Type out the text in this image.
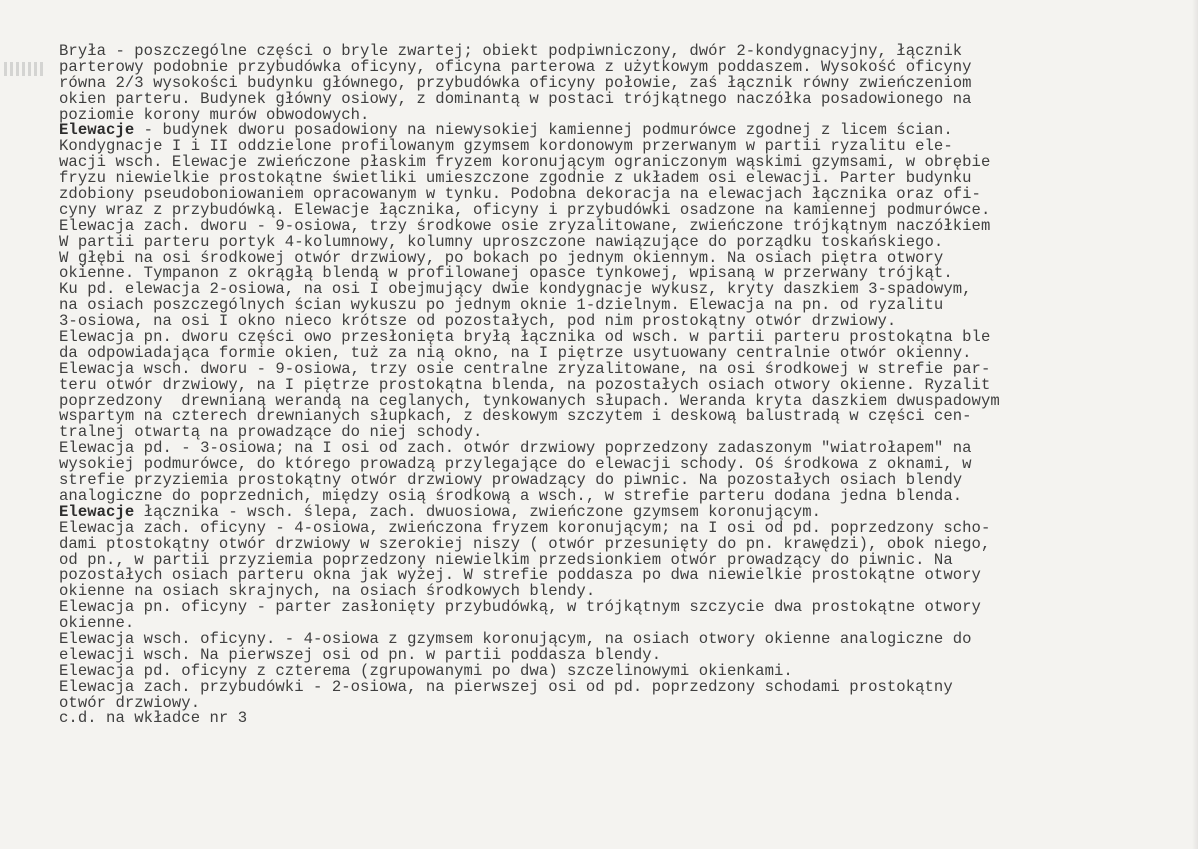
Bryła - poszczególne części o bryle zwartej; obiekt podpiwniczony, dwór 2-kondygnacyjny, łącznik
parterowy podobnie przybudówka oficyny, oficyna parterowa z użytkowym poddaszem. Wysokość oficyny
równa 2/3 wysokości budynku głównego, przybudówka oficyny połowie, zaś łącznik równy zwieńczeniom
okien parteru. Budynek główny osiowy, z dominantą w postaci trójkątnego naczółka posadowionego na
poziomie korony murów obwodowych.
Elewacje - budynek dworu posadowiony na niewysokiej kamiennej podmurówce zgodnej z licem ścian.
Kondygnacje I i II oddzielone profilowanym gzymsem kordonowym przerwanym w partii ryzalitu ele-
wacji wsch. Elewacje zwieńczone płaskim fryzem koronującym ograniczonym wąskimi gzymsami, w obrębie
fryzu niewielkie prostokątne świetliki umieszczone zgodnie z układem osi elewacji. Parter budynku
zdobiony pseudoboniowaniem opracowanym w tynku. Podobna dekoracja na elewacjach łącznika oraz ofi-
cyny wraz z przybudówką. Elewacje łącznika, oficyny i przybudówki osadzone na kamiennej podmurówce.
Elewacja zach. dworu - 9-osiowa, trzy środkowe osie zryzalitowane, zwieńczone trójkątnym naczółkiem
W partii parteru portyk 4-kolumnowy, kolumny uproszczone nawiązujące do porządku toskańskiego.
W głębi na osi środkowej otwór drzwiowy, po bokach po jednym okiennym. Na osiach piętra otwory
okienne. Tympanon z okrągłą blendą w profilowanej opasce tynkowej, wpisaną w przerwany trójkąt.
Ku pd. elewacja 2-osiowa, na osi I obejmujący dwie kondygnacje wykusz, kryty daszkiem 3-spadowym,
na osiach poszczególnych ścian wykuszu po jednym oknie 1-dzielnym. Elewacja na pn. od ryzalitu
3-osiowa, na osi I okno nieco krótsze od pozostałych, pod nim prostokątny otwór drzwiowy.
Elewacja pn. dworu części owo przesłonięta bryłą łącznika od wsch. w partii parteru prostokątna ble
da odpowiadająca formie okien, tuż za nią okno, na I piętrze usytuowany centralnie otwór okienny.
Elewacja wsch. dworu - 9-osiowa, trzy osie centralne zryzalitowane, na osi środkowej w strefie par-
teru otwór drzwiowy, na I piętrze prostokątna blenda, na pozostałych osiach otwory okienne. Ryzalit
poprzedzony  drewnianą werandą na ceglanych, tynkowanych słupach. Weranda kryta daszkiem dwuspadowym
wspartym na czterech drewnianych słupkach, z deskowym szczytem i deskową balustradą w części cen-
tralnej otwartą na prowadzące do niej schody.
Elewacja pd. - 3-osiowa; na I osi od zach. otwór drzwiowy poprzedzony zadaszonym "wiatrołapem" na
wysokiej podmurówce, do którego prowadzą przylegające do elewacji schody. Oś środkowa z oknami, w
strefie przyziemia prostokątny otwór drzwiowy prowadzący do piwnic. Na pozostałych osiach blendy
analogiczne do poprzednich, między osią środkową a wsch., w strefie parteru dodana jedna blenda.
Elewacje łącznika - wsch. ślepa, zach. dwuosiowa, zwieńczone gzymsem koronującym.
Elewacja zach. oficyny - 4-osiowa, zwieńczona fryzem koronującym; na I osi od pd. poprzedzony scho-
dami ptostokątny otwór drzwiowy w szerokiej niszy ( otwór przesunięty do pn. krawędzi), obok niego,
od pn., w partii przyziemia poprzedzony niewielkim przedsionkiem otwór prowadzący do piwnic. Na
pozostałych osiach parteru okna jak wyżej. W strefie poddasza po dwa niewielkie prostokątne otwory
okienne na osiach skrajnych, na osiach środkowych blendy.
Elewacja pn. oficyny - parter zasłonięty przybudówką, w trójkątnym szczycie dwa prostokątne otwory
okienne.
Elewacja wsch. oficyny. - 4-osiowa z gzymsem koronującym, na osiach otwory okienne analogiczne do
elewacji wsch. Na pierwszej osi od pn. w partii poddasza blendy.
Elewacja pd. oficyny z czterema (zgrupowanymi po dwa) szczelinowymi okienkami.
Elewacja zach. przybudówki - 2-osiowa, na pierwszej osi od pd. poprzedzony schodami prostokątny
otwór drzwiowy.
c.d. na wkładce nr 3
